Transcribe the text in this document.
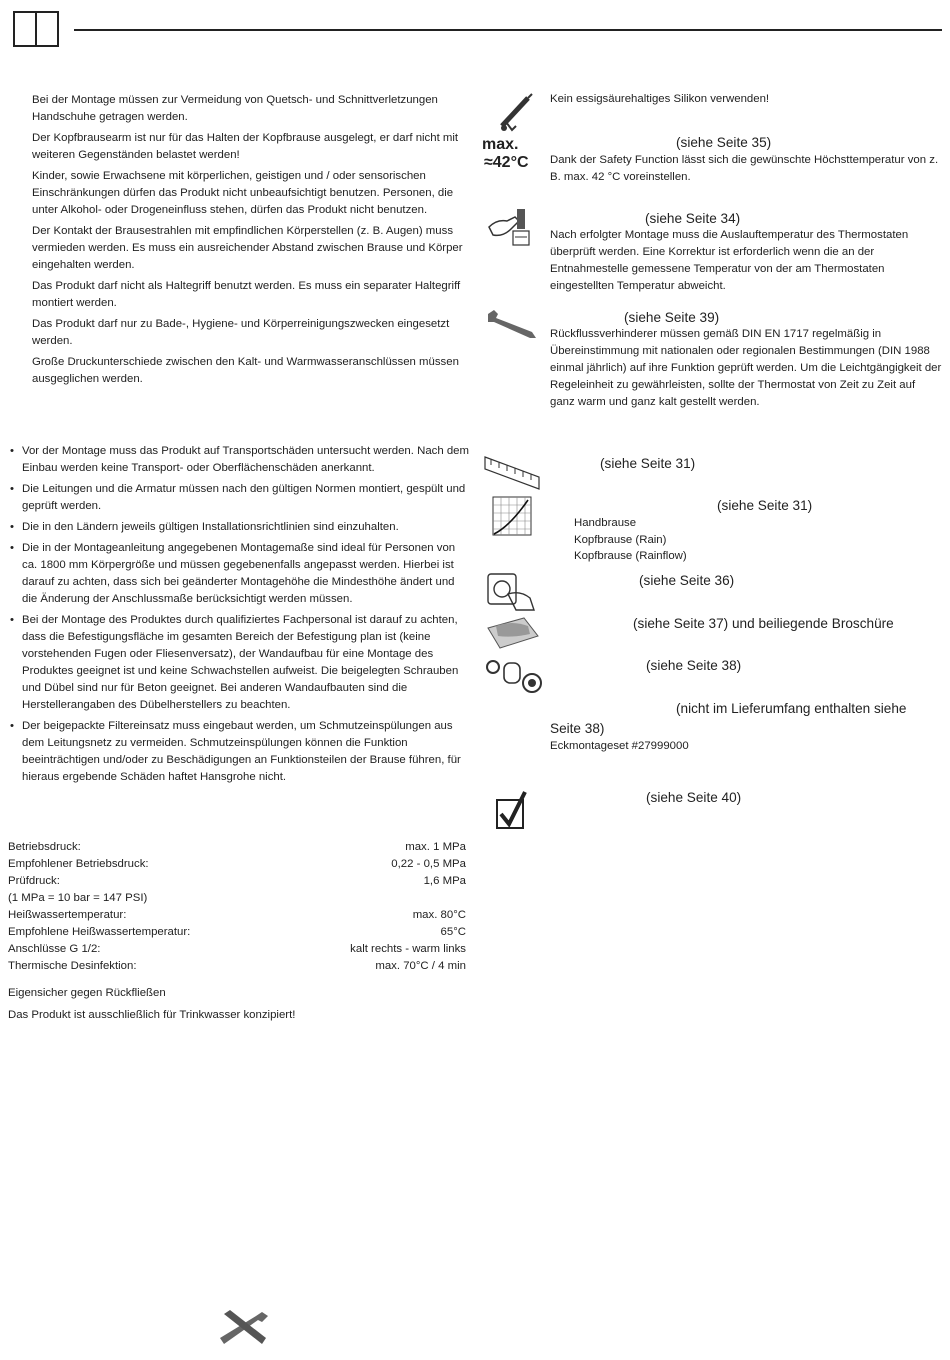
Bei der Montage müssen zur Vermeidung von Quetsch- und Schnittverletzungen Handschuhe getragen werden.

Der Kopfbrausearm ist nur für das Halten der Kopfbrause ausgelegt, er darf nicht mit weiteren Gegenständen belastet werden!

Kinder, sowie Erwachsene mit körperlichen, geistigen und / oder sensorischen Einschränkungen dürfen das Produkt nicht unbeaufsichtigt benutzen. Personen, die unter Alkohol- oder Drogeneinfluss stehen, dürfen das Produkt nicht benutzen.

Der Kontakt der Brausestrahlen mit empfindlichen Körperstellen (z. B. Augen) muss vermieden werden. Es muss ein ausreichender Abstand zwischen Brause und Körper eingehalten werden.

Das Produkt darf nicht als Haltegriff benutzt werden. Es muss ein separater Haltegriff montiert werden.

Das Produkt darf nur zu Bade-, Hygiene- und Körperreinigungszwecken eingesetzt werden.

Große Druckunterschiede zwischen den Kalt- und Warmwasseranschlüssen müssen ausgeglichen werden.

• Vor der Montage muss das Produkt auf Transportschäden untersucht werden. Nach dem Einbau werden keine Transport- oder Oberflächenschäden anerkannt.
• Die Leitungen und die Armatur müssen nach den gültigen Normen montiert, gespült und geprüft werden.
• Die in den Ländern jeweils gültigen Installationsrichtlinien sind einzuhalten.
• Die in der Montageanleitung angegebenen Montagemaße sind ideal für Personen von ca. 1800 mm Körpergröße und müssen gegebenenfalls angepasst werden. Hierbei ist darauf zu achten, dass sich bei geänderter Montagehöhe die Mindesthöhe ändert und die Änderung der Anschlussmaße berücksichtigt werden müssen.
• Bei der Montage des Produktes durch qualifiziertes Fachpersonal ist darauf zu achten, dass die Befestigungsfläche im gesamten Bereich der Befestigung plan ist (keine vorstehenden Fugen oder Fliesenversatz), der Wandaufbau für eine Montage des Produktes geeignet ist und keine Schwachstellen aufweist. Die beigelegten Schrauben und Dübel sind nur für Beton geeignet. Bei anderen Wandaufbauten sind die Herstellerangaben des Dübelherstellers zu beachten.
• Der beigepackte Filtereinsatz muss eingebaut werden, um Schmutzeinspülungen aus dem Leitungsnetz zu vermeiden. Schmutzeinspülungen können die Funktion beeinträchtigen und/oder zu Beschädigungen an Funktionsteilen der Brause führen, für hieraus ergebende Schäden haftet Hansgrohe nicht.
Betriebsdruck:	max. 1 MPa
Empfohlener Betriebsdruck:	0,22 - 0,5 MPa
Prüfdruck:	1,6 MPa
(1 MPa = 10 bar = 147 PSI)
Heißwassertemperatur:	max. 80°C
Empfohlene Heißwassertemperatur:	65°C
Anschlüsse G 1/2:	kalt rechts - warm links
Thermische Desinfektion:	max. 70°C / 4 min

Eigensicher gegen Rückfließen

Das Produkt ist ausschließlich für Trinkwasser konzipiert!

Kein essigsäurehaltiges Silikon verwenden!

max.
≈42°C

(siehe Seite 35)

Dank der Safety Function lässt sich die gewünschte Höchsttemperatur von z. B. max. 42 °C voreinstellen.

(siehe Seite 34)

Nach erfolgter Montage muss die Auslauftemperatur des Thermostaten überprüft werden. Eine Korrektur ist erforderlich wenn die an der Entnahmestelle gemessene Temperatur von der am Thermostaten eingestellten Temperatur abweicht.

(siehe Seite 39)

Rückflussverhinderer müssen gemäß DIN EN 1717 regelmäßig in Übereinstimmung mit nationalen oder regionalen Bestimmungen (DIN 1988 einmal jährlich) auf ihre Funktion geprüft werden. Um die Leichtgängigkeit der Regeleinheit zu gewährleisten, sollte der Thermostat von Zeit zu Zeit auf ganz warm und ganz kalt gestellt werden.

(siehe Seite 31)

(siehe Seite 31)

Handbrause
Kopfbrause (Rain)
Kopfbrause (Rainflow)

(siehe Seite 36)

(siehe Seite 37) und beiliegende Broschüre

(siehe Seite 38)

(nicht im Lieferumfang enthalten siehe

Seite 38)

Eckmontageset #27999000

(siehe Seite 40)
